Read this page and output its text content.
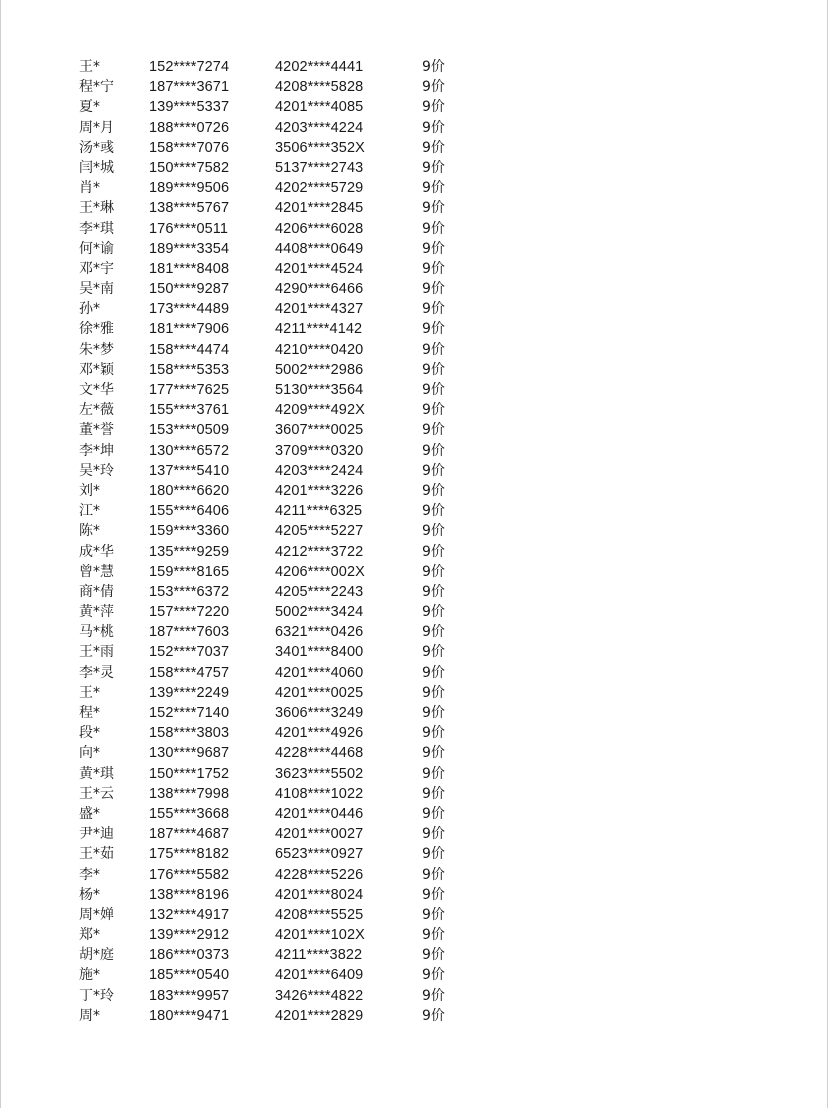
王*	152****7274	4202****4441	9价
程*宁 187****3671	4208****5828	9价
夏*	139****5337	4201****4085	9价
周*月 188****0726	4203****4224	9价
汤*彧 158****7076	3506****352X	9价
闫*城 150****7582	5137****2743	9价
肖*	189****9506	4202****5729	9价
王*琳 138****5767	4201****2845	9价
李*琪 176****0511	4206****6028	9价
何*谕 189****3354	4408****0649	9价
邓*宇 181****8408	4201****4524	9价
吴*南 150****9287	4290****6466	9价
孙*	173****4489	4201****4327	9价
徐*雅 181****7906	4211****4142	9价
朱*梦 158****4474	4210****0420	9价
邓*颖 158****5353	5002****2986	9价
文*华 177****7625	5130****3564	9价
左*薇 155****3761	4209****492X	9价
董*誉 153****0509	3607****0025	9价
李*坤 130****6572	3709****0320	9价
吴*玲 137****5410	4203****2424	9价
刘*	180****6620	4201****3226	9价
江*	155****6406	4211****6325	9价
陈*	159****3360	4205****5227	9价
成*华 135****9259	4212****3722	9价
曾*慧 159****8165	4206****002X	9价
商*倩 153****6372	4205****2243	9价
黄*萍 157****7220	5002****3424	9价
马*桃 187****7603	6321****0426	9价
王*雨 152****7037	3401****8400	9价
李*灵 158****4757	4201****4060	9价
王*	139****2249	4201****0025	9价
程*	152****7140	3606****3249	9价
段*	158****3803	4201****4926	9价
向*	130****9687	4228****4468	9价
黄*琪 150****1752	3623****5502	9价
王*云 138****7998	4108****1022	9价
盛*	155****3668	4201****0446	9价
尹*迪 187****4687	4201****0027	9价
王*茹 175****8182	6523****0927	9价
李*	176****5582	4228****5226	9价
杨*	138****8196	4201****8024	9价
周*婵 132****4917	4208****5525	9价
郑*	139****2912	4201****102X	9价
胡*庭 186****0373	4211****3822	9价
施*	185****0540	4201****6409	9价
丁*玲 183****9957	3426****4822	9价
周*	180****9471	4201****2829	9价
